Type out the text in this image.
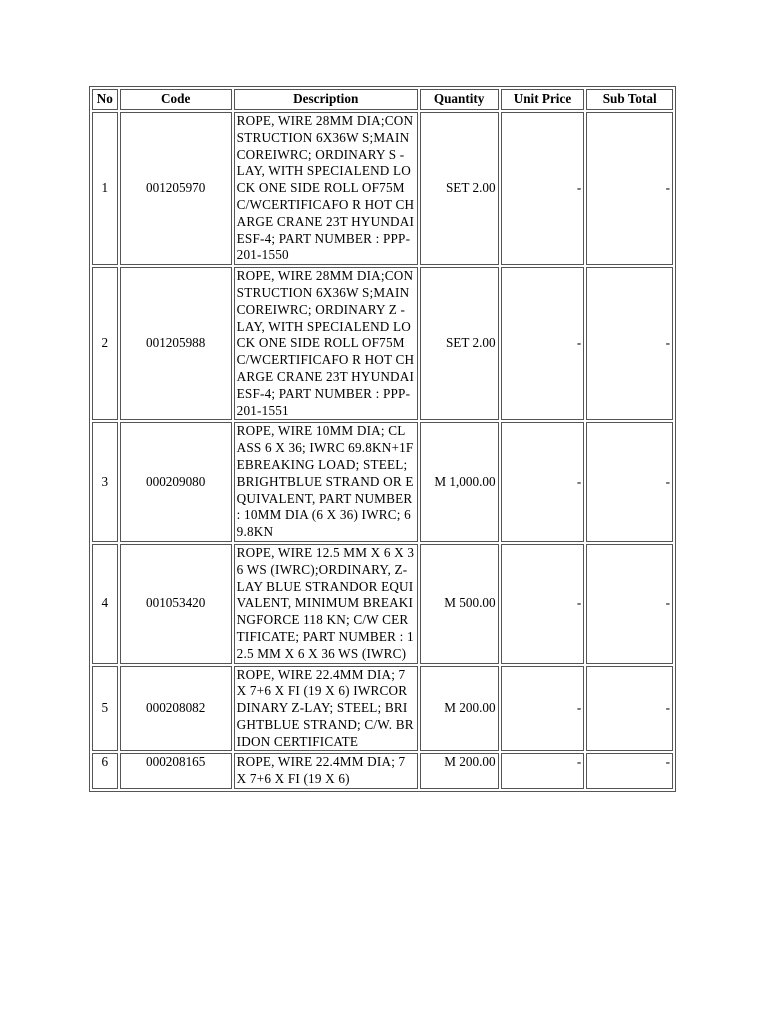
No	Code	Description	Quantity	Unit Price	Sub Total
1	001205970	ROPE, WIRE 28MM DIA;CONSTRUCTION 6X36W S;MAIN COREIWRC; ORDINARY S - LAY, WITH SPECIALEND LOCK ONE SIDE ROLL OF75MC/WCERTIFICAFO R HOT CHARGE CRANE 23T HYUNDAI ESF-4; PART NUMBER : PPP-201-1550	SET 2.00	-	-
2	001205988	ROPE, WIRE 28MM DIA;CONSTRUCTION 6X36W S;MAIN COREIWRC; ORDINARY Z - LAY, WITH SPECIALEND LOCK ONE SIDE ROLL OF75MC/WCERTIFICAFO R HOT CHARGE CRANE 23T HYUNDAI ESF-4; PART NUMBER : PPP-201-1551	SET 2.00	-	-
3	000209080	ROPE, WIRE 10MM DIA; CLASS 6 X 36; IWRC 69.8KN+1FEBREAKING LOAD; STEEL; BRIGHTBLUE STRAND OR EQUIVALENT, PART NUMBER : 10MM DIA (6 X 36) IWRC; 69.8KN	M 1,000.00	-	-
4	001053420	ROPE, WIRE 12.5 MM X 6 X 36 WS (IWRC);ORDINARY, Z-LAY BLUE STRANDOR EQUIVALENT, MINIMUM BREAKINGFORCE 118 KN; C/W CERTIFICATE; PART NUMBER : 12.5 MM X 6 X 36 WS (IWRC)	M 500.00	-	-
5	000208082	ROPE, WIRE 22.4MM DIA; 7 X 7+6 X FI (19 X 6) IWRCORDINARY Z-LAY; STEEL; BRIGHTBLUE STRAND; C/W. BRIDON CERTIFICATE	M 200.00	-	-
6	000208165	ROPE, WIRE 22.4MM DIA; 7 X 7+6 X FI (19 X 6)	M 200.00	-	-
